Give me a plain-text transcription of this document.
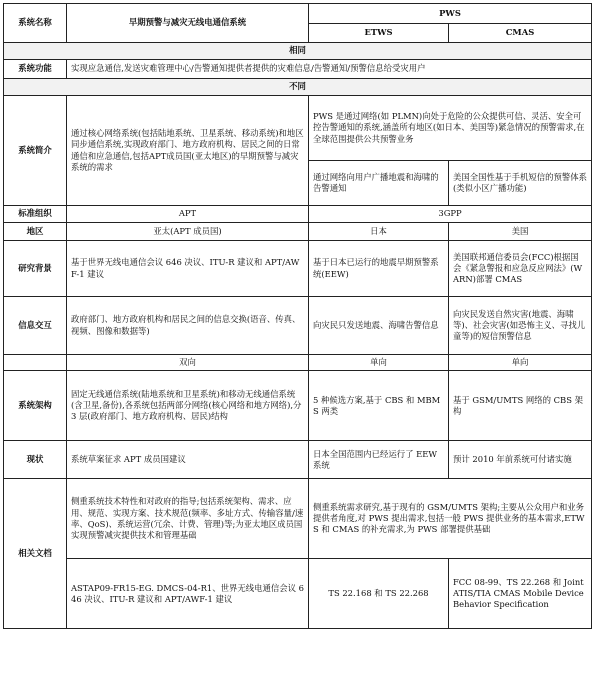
系统名称	早期预警与减灾无线电通信系统	PWS	
		ETWS	CMAS
相同			
系统功能	实现应急通信,发送灾难管理中心/告警通知提供者提供的灾难信息/告警通知/预警信息给受灾用户		
不同			
系统简介	通过核心网络系统(包括陆地系统、卫星系统、移动系统)和地区同步通信系统,实现政府部门、地方政府机构、居民之间的日常通信和应急通信,包括APT成员国(亚太地区)的早期预警与减灾系统的需求	PWS 是通过网络(如 PLMN)向处于危险的公众提供可信、灵活、安全可控告警通知的系统,涵盖所有地区(如日本、美国等)紧急情况的预警需求,在全球范围提供公共预警业务	
		通过网络向用户广播地震和海啸的告警通知	美国全国性基于手机短信的预警体系(类似小区广播功能)
标准组织	APT	3GPP	
地区	亚太(APT 成员国)	日本	美国
研究背景	基于世界无线电通信会议 646 决议、ITU-R 建议和 APT/AWF-1 建议	基于日本已运行的地震早期预警系统(EEW)	美国联邦通信委员会(FCC)根据国会《紧急警报和应急反应网法》(WARN)部署 CMAS
信息交互	政府部门、地方政府机构和居民之间的信息交换(语音、传真、视频、图像和数据等)	向灾民只发送地震、海啸告警信息	向灾民发送自然灾害(地震、海啸等)、社会灾害(如恐怖主义、寻找儿童等)的短信预警信息
	双向	单向	单向
系统架构	固定无线通信系统(陆地系统和卫星系统)和移动无线通信系统(含卫星,备份),各系统包括两部分网络(核心网络和地方网络),分 3 层(政府部门、地方政府机构、居民)结构	5 种候选方案,基于 CBS 和 MBMS 两类	基于 GSM/UMTS 网络的 CBS 架构
现状	系统草案征求 APT 成员国建议	日本全国范围内已经运行了 EEW 系统	预计 2010 年前系统可付诸实施
相关文档	侧重系统技术特性和对政府的指导;包括系统架构、需求、应用、规范、实现方案、技术规范(频率、多址方式、传输容量/速率、QoS)、系统运营(冗余、计费、管理)等;为亚太地区成员国实现预警减灾提供技术和管理基础	侧重系统需求研究,基于现有的 GSM/UMTS 架构;主要从公众用户和业务提供者角度,对 PWS 提出需求,包括一般 PWS 提供业务的基本需求,ETWS 和 CMAS 的补充需求,为 PWS 部署提供基础	
	ASTAP09-FR15-EG. DMCS-04-R1、世界无线电通信会议 646 决议、ITU-R 建议和 APT/AWF-1 建议	TS 22.168 和 TS 22.268	FCC 08-99、TS 22.268 和 Joint ATIS/TIA CMAS Mobile Device Behavior Specification
